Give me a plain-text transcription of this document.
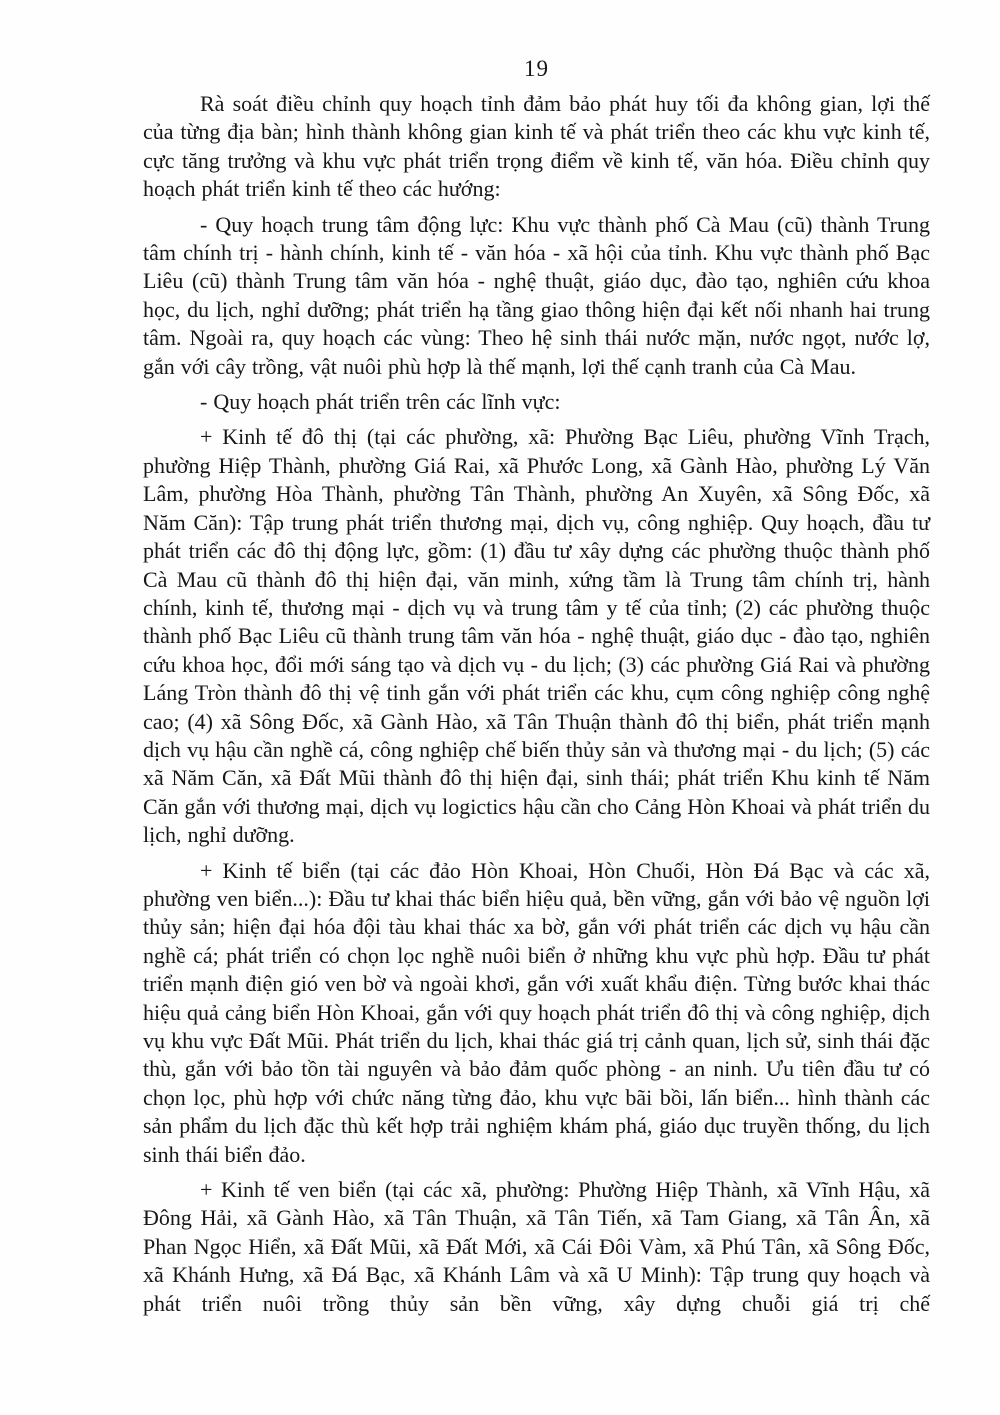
19

Rà soát điều chỉnh quy hoạch tỉnh đảm bảo phát huy tối đa không gian, lợi thế của từng địa bàn; hình thành không gian kinh tế và phát triển theo các khu vực kinh tế, cực tăng trưởng và khu vực phát triển trọng điểm về kinh tế, văn hóa. Điều chỉnh quy hoạch phát triển kinh tế theo các hướng:

- Quy hoạch trung tâm động lực: Khu vực thành phố Cà Mau (cũ) thành Trung tâm chính trị - hành chính, kinh tế - văn hóa - xã hội của tỉnh. Khu vực thành phố Bạc Liêu (cũ) thành Trung tâm văn hóa - nghệ thuật, giáo dục, đào tạo, nghiên cứu khoa học, du lịch, nghỉ dưỡng; phát triển hạ tầng giao thông hiện đại kết nối nhanh hai trung tâm. Ngoài ra, quy hoạch các vùng: Theo hệ sinh thái nước mặn, nước ngọt, nước lợ, gắn với cây trồng, vật nuôi phù hợp là thế mạnh, lợi thế cạnh tranh của Cà Mau.

- Quy hoạch phát triển trên các lĩnh vực:

+ Kinh tế đô thị (tại các phường, xã: Phường Bạc Liêu, phường Vĩnh Trạch, phường Hiệp Thành, phường Giá Rai, xã Phước Long, xã Gành Hào, phường Lý Văn Lâm, phường Hòa Thành, phường Tân Thành, phường An Xuyên, xã Sông Đốc, xã Năm Căn): Tập trung phát triển thương mại, dịch vụ, công nghiệp. Quy hoạch, đầu tư phát triển các đô thị động lực, gồm: (1) đầu tư xây dựng các phường thuộc thành phố Cà Mau cũ thành đô thị hiện đại, văn minh, xứng tầm là Trung tâm chính trị, hành chính, kinh tế, thương mại - dịch vụ và trung tâm y tế của tỉnh; (2) các phường thuộc thành phố Bạc Liêu cũ thành trung tâm văn hóa - nghệ thuật, giáo dục - đào tạo, nghiên cứu khoa học, đổi mới sáng tạo và dịch vụ - du lịch; (3) các phường Giá Rai và phường Láng Tròn thành đô thị vệ tinh gắn với phát triển các khu, cụm công nghiệp công nghệ cao; (4) xã Sông Đốc, xã Gành Hào, xã Tân Thuận thành đô thị biển, phát triển mạnh dịch vụ hậu cần nghề cá, công nghiệp chế biến thủy sản và thương mại - du lịch; (5) các xã Năm Căn, xã Đất Mũi thành đô thị hiện đại, sinh thái; phát triển Khu kinh tế Năm Căn gắn với thương mại, dịch vụ logictics hậu cần cho Cảng Hòn Khoai và phát triển du lịch, nghỉ dưỡng.

+ Kinh tế biển (tại các đảo Hòn Khoai, Hòn Chuối, Hòn Đá Bạc và các xã, phường ven biển...): Đầu tư khai thác biển hiệu quả, bền vững, gắn với bảo vệ nguồn lợi thủy sản; hiện đại hóa đội tàu khai thác xa bờ, gắn với phát triển các dịch vụ hậu cần nghề cá; phát triển có chọn lọc nghề nuôi biển ở những khu vực phù hợp. Đầu tư phát triển mạnh điện gió ven bờ và ngoài khơi, gắn với xuất khẩu điện. Từng bước khai thác hiệu quả cảng biển Hòn Khoai, gắn với quy hoạch phát triển đô thị và công nghiệp, dịch vụ khu vực Đất Mũi. Phát triển du lịch, khai thác giá trị cảnh quan, lịch sử, sinh thái đặc thù, gắn với bảo tồn tài nguyên và bảo đảm quốc phòng - an ninh. Ưu tiên đầu tư có chọn lọc, phù hợp với chức năng từng đảo, khu vực bãi bồi, lấn biển... hình thành các sản phẩm du lịch đặc thù kết hợp trải nghiệm khám phá, giáo dục truyền thống, du lịch sinh thái biển đảo.

+ Kinh tế ven biển (tại các xã, phường: Phường Hiệp Thành, xã Vĩnh Hậu, xã Đông Hải, xã Gành Hào, xã Tân Thuận, xã Tân Tiến, xã Tam Giang, xã Tân Ân, xã Phan Ngọc Hiển, xã Đất Mũi, xã Đất Mới, xã Cái Đôi Vàm, xã Phú Tân, xã Sông Đốc, xã Khánh Hưng, xã Đá Bạc, xã Khánh Lâm và xã U Minh): Tập trung quy hoạch và phát triển nuôi trồng thủy sản bền vững, xây dựng chuỗi giá trị chế
